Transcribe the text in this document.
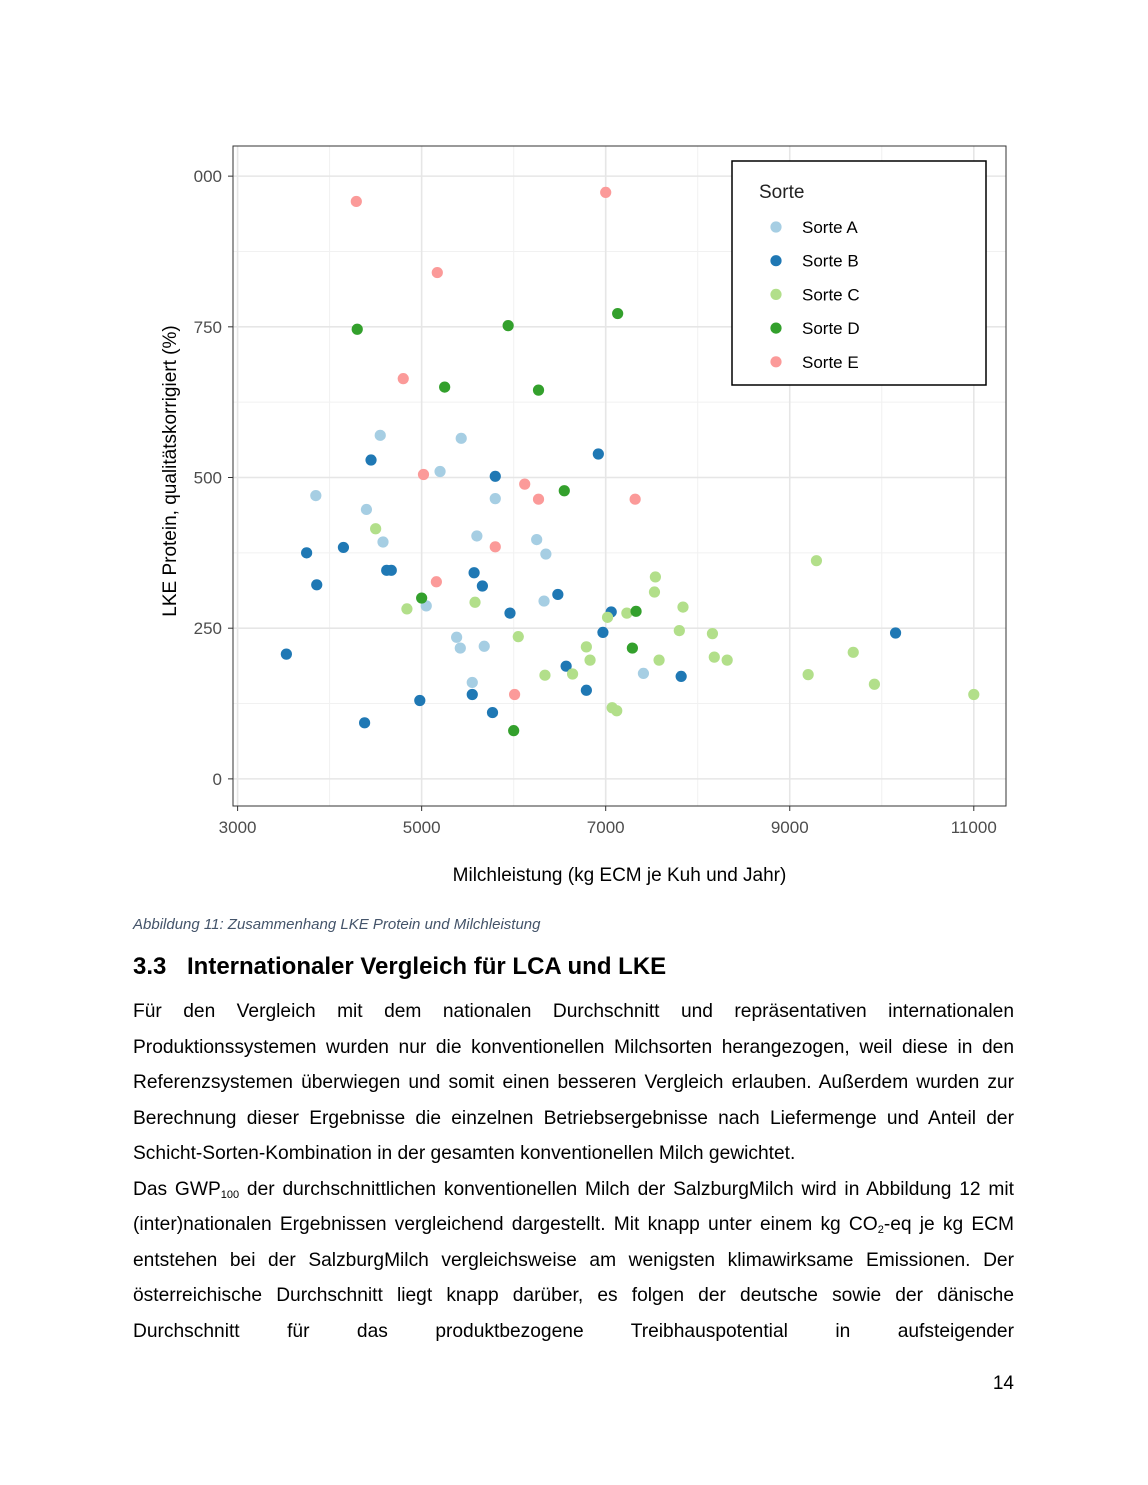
3000	5000	7000	9000	11000
0
250
500
750
000
Milchleistung (kg ECM je Kuh und Jahr)
LKE Protein, qualitätskorrigiert (%)
Sorte
Sorte A
Sorte B
Sorte C
Sorte D
Sorte E
Abbildung 11: Zusammenhang LKE Protein und Milchleistung
3.3 Internationaler Vergleich für LCA und LKE

Für den Vergleich mit dem nationalen Durchschnitt und repräsentativen internationalen Produktionssystemen wurden nur die konventionellen Milchsorten herangezogen, weil diese in den Referenzsystemen überwiegen und somit einen besseren Vergleich erlauben. Außerdem wurden zur Berechnung dieser Ergebnisse die einzelnen Betriebsergebnisse nach Liefermenge und Anteil der Schicht-Sorten-Kombination in der gesamten konventionellen Milch gewichtet.

Das $GWP_{100}$ der durchschnittlichen konventionellen Milch der SalzburgMilch wird in Abbildung 12 mit (inter)nationalen Ergebnissen vergleichend dargestellt. Mit knapp unter einem kg $CO_2-eq$ je kg ECM entstehen bei der SalzburgMilch vergleichsweise am wenigsten klimawirksame Emissionen. Der österreichische Durchschnitt liegt knapp darüber, es folgen der deutsche sowie der dänische Durchschnitt für das produktbezogene Treibhauspotential in aufsteigender

14
